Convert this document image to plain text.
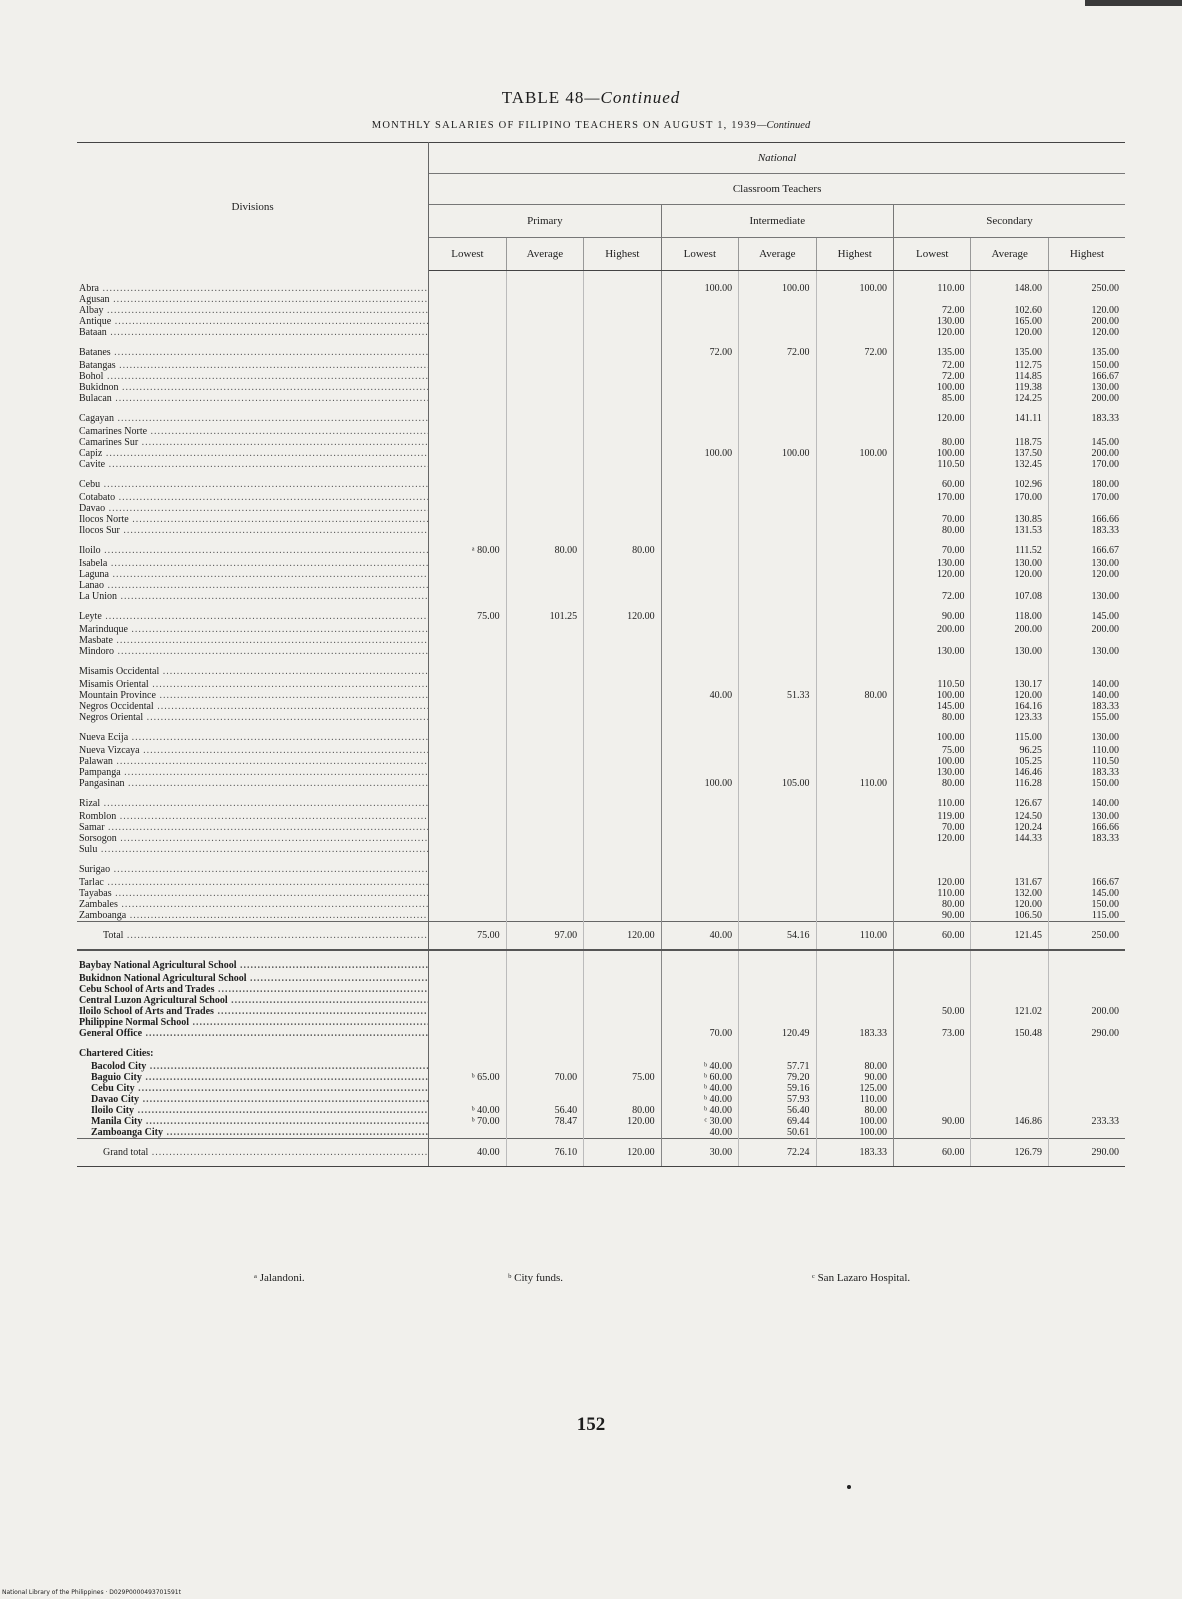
TABLE 48—Continued
MONTHLY SALARIES OF FILIPINO TEACHERS ON AUGUST 1, 1939—Continued
Divisions	National								
	Classroom Teachers								
	Primary			Intermediate			Secondary		
	Lowest	Average	Highest	Lowest	Average	Highest	Lowest	Average	Highest
Abra .....				100.00	100.00	100.00	110.00	148.00	250.00
Agusan .....									
Albay .....							72.00	102.60	120.00
Antique .....							130.00	165.00	200.00
Bataan .....							120.00	120.00	120.00
Batanes .....				72.00	72.00	72.00	135.00	135.00	135.00
Batangas .....							72.00	112.75	150.00
Bohol .....							72.00	114.85	166.67
Bukidnon .....							100.00	119.38	130.00
Bulacan .....							85.00	124.25	200.00
Cagayan .....							120.00	141.11	183.33
Camarines Norte .....									
Camarines Sur .....							80.00	118.75	145.00
Capiz .....				100.00	100.00	100.00	100.00	137.50	200.00
Cavite .....							110.50	132.45	170.00
Cebu .....							60.00	102.96	180.00
Cotabato .....							170.00	170.00	170.00
Davao .....									
Ilocos Norte .....							70.00	130.85	166.66
Ilocos Sur .....							80.00	131.53	183.33
Iloilo .....	ᵃ 80.00	80.00	80.00				70.00	111.52	166.67
Isabela .....							130.00	130.00	130.00
Laguna .....							120.00	120.00	120.00
Lanao .....									
La Union .....							72.00	107.08	130.00
Leyte .....	75.00	101.25	120.00				90.00	118.00	145.00
Marinduque .....							200.00	200.00	200.00
Masbate .....									
Mindoro .....							130.00	130.00	130.00
Misamis Occidental .....									
Misamis Oriental .....							110.50	130.17	140.00
Mountain Province .....				40.00	51.33	80.00	100.00	120.00	140.00
Negros Occidental .....							145.00	164.16	183.33
Negros Oriental .....							80.00	123.33	155.00
Nueva Ecija .....							100.00	115.00	130.00
Nueva Vizcaya .....							75.00	96.25	110.00
Palawan .....							100.00	105.25	110.50
Pampanga .....							130.00	146.46	183.33
Pangasinan .....				100.00	105.00	110.00	80.00	116.28	150.00
Rizal .....							110.00	126.67	140.00
Romblon .....							119.00	124.50	130.00
Samar .....							70.00	120.24	166.66
Sorsogon .....							120.00	144.33	183.33
Sulu .....									
Surigao .....									
Tarlac .....							120.00	131.67	166.67
Tayabas .....							110.00	132.00	145.00
Zambales .....							80.00	120.00	150.00
Zamboanga .....							90.00	106.50	115.00
Total .....	75.00	97.00	120.00	40.00	54.16	110.00	60.00	121.45	250.00
Baybay National Agricultural School .....									
Bukidnon National Agricultural School .....									
Cebu School of Arts and Trades .....									
Central Luzon Agricultural School .....									
Iloilo School of Arts and Trades .....							50.00	121.02	200.00
Philippine Normal School .....									
General Office .....				70.00	120.49	183.33	73.00	150.48	290.00
Chartered Cities:									
Bacolod City .....				ᵇ 40.00	57.71	80.00			
Baguio City .....	ᵇ 65.00	70.00	75.00	ᵇ 60.00	79.20	90.00			
Cebu City .....				ᵇ 40.00	59.16	125.00			
Davao City .....				ᵇ 40.00	57.93	110.00			
Iloilo City .....	ᵇ 40.00	56.40	80.00	ᵇ 40.00	56.40	80.00			
Manila City .....	ᵇ 70.00	78.47	120.00	ᶜ 30.00	69.44	100.00	90.00	146.86	233.33
Zamboanga City .....				40.00	50.61	100.00			
Grand total .....	40.00	76.10	120.00	30.00	72.24	183.33	60.00	126.79	290.00
ᵃ Jalandoni.	ᵇ City funds.	ᶜ San Lazaro Hospital.
152
National Library of the Philippines · D029P0000493701591t
